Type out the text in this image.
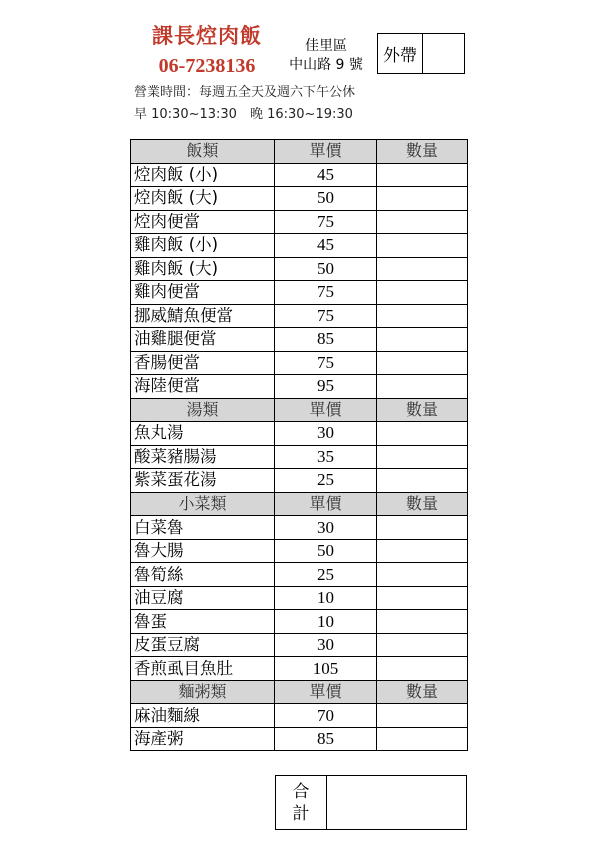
課長焢肉飯
06-7238136
佳里區
中山路 9 號 外帶
營業時間：每週五全天及週六下午公休
早 10:30~13:30　晚 16:30~19:30
飯類	單價	數量
焢肉飯 (小)	45	
焢肉飯 (大)	50	
焢肉便當	75	
雞肉飯 (小)	45	
雞肉飯 (大)	50	
雞肉便當	75	
挪威鯖魚便當	75	
油雞腿便當	85	
香腸便當	75	
海陸便當	95	
湯類	單價	數量
魚丸湯	30	
酸菜豬腸湯	35	
紫菜蛋花湯	25	
小菜類	單價	數量
白菜魯	30	
魯大腸	50	
魯筍絲	25	
油豆腐	10	
魯蛋	10	
皮蛋豆腐	30	
香煎虱目魚肚	105	
麵粥類	單價	數量
麻油麵線	70	
海產粥	85	
合
計
